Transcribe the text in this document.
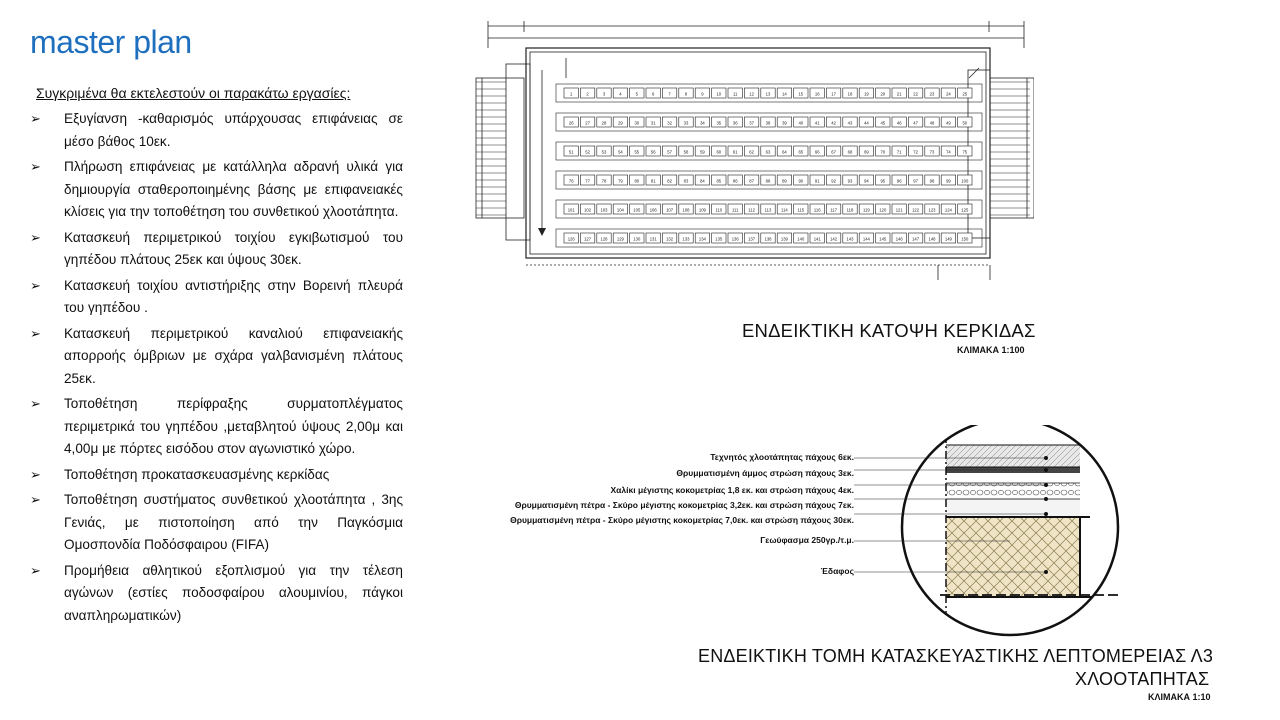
master plan
Συγκριμένα θα εκτελεστούν οι παρακάτω εργασίες:
➢ Εξυγίανση -καθαρισμός υπάρχουσας επιφάνειας σε μέσο βάθος 10εκ.
➢ Πλήρωση επιφάνειας με κατάλληλα αδρανή υλικά για δημιουργία σταθεροποιημένης βάσης με επιφανειακές κλίσεις για την τοποθέτηση του συνθετικού χλοοτάπητα.
➢ Κατασκευή περιμετρικού τοιχίου εγκιβωτισμού του γηπέδου πλάτους 25εκ και ύψους 30εκ.
➢ Κατασκευή τοιχίου αντιστήριξης στην Βορεινή πλευρά του γηπέδου .
➢ Κατασκευή περιμετρικού καναλιού επιφανειακής απορροής όμβριων με σχάρα γαλβανισμένη πλάτους 25εκ.
➢ Τοποθέτηση περίφραξης συρματοπλέγματος περιμετρικά του γηπέδου ,μεταβλητού ύψους 2,00μ και 4,00μ με πόρτες εισόδου στον αγωνιστικό χώρο.
➢ Τοποθέτηση προκατασκευασμένης κερκίδας
➢ Τοποθέτηση συστήματος συνθετικού χλοοτάπητα , 3ης Γενιάς, με πιστοποίηση από την Παγκόσμια Ομοσπονδία Ποδόσφαιρου (FIFA)
➢ Προμήθεια αθλητικού εξοπλισμού για την τέλεση αγώνων (εστίες ποδοσφαίρου αλουμινίου, πάγκοι αναπληρωματικών)
1	2	3	4	5	6	7	8	9	10	11	12	13	14	15	16	17	18	19	20	21	22	23	24	25
26	27	28	29	30	31	32	33	34	35	36	37	38	39	40	41	42	43	44	45	46	47	48	49	50
51	52	53	54	55	56	57	58	59	60	61	62	63	64	65	66	67	68	69	70	71	72	73	74	75
76	77	78	79	80	81	82	83	84	85	86	87	88	89	90	91	92	93	94	95	96	97	98	99	100
101 102 103 104 105 106 107 108 109 110 111 112 113 114 115 116 117 118 119 120 121 122 123 124 125
126 127 128 129 130 131 132 133 134 135 136 137 138 139 140 141 142 143 144 145 146 147 148 149 150
ΕΝΔΕΙΚΤΙΚΗ ΚΑΤΟΨΗ ΚΕΡΚΙΔΑΣ
ΚΛΙΜΑΚΑ 1:100
Τεχνητός χλοοτάπητας πάχους 6εκ.
Θρυμματισμένη άμμος στρώση πάχους 3εκ.
Χαλίκι μέγιστης κοκομετρίας 1,8 εκ. και στρώση πάχους 4εκ.
Θρυμματισμένη πέτρα - Σκύρο μέγιστης κοκομετρίας 3,2εκ. και στρώση πάχους 7εκ.
Θρυμματισμένη πέτρα - Σκύρο μέγιστης κοκομετρίας 7,0εκ. και στρώση πάχους 30εκ.
Γεωύφασμα 250γρ./τ.μ.
Έδαφος
ΕΝΔΕΙΚΤΙΚΗ ΤΟΜΗ ΚΑΤΑΣΚΕΥΑΣΤΙΚΗΣ ΛΕΠΤΟΜΕΡΕΙΑΣ Λ3
ΧΛΟΟΤΑΠΗΤΑΣ
ΚΛΙΜΑΚΑ 1:10
